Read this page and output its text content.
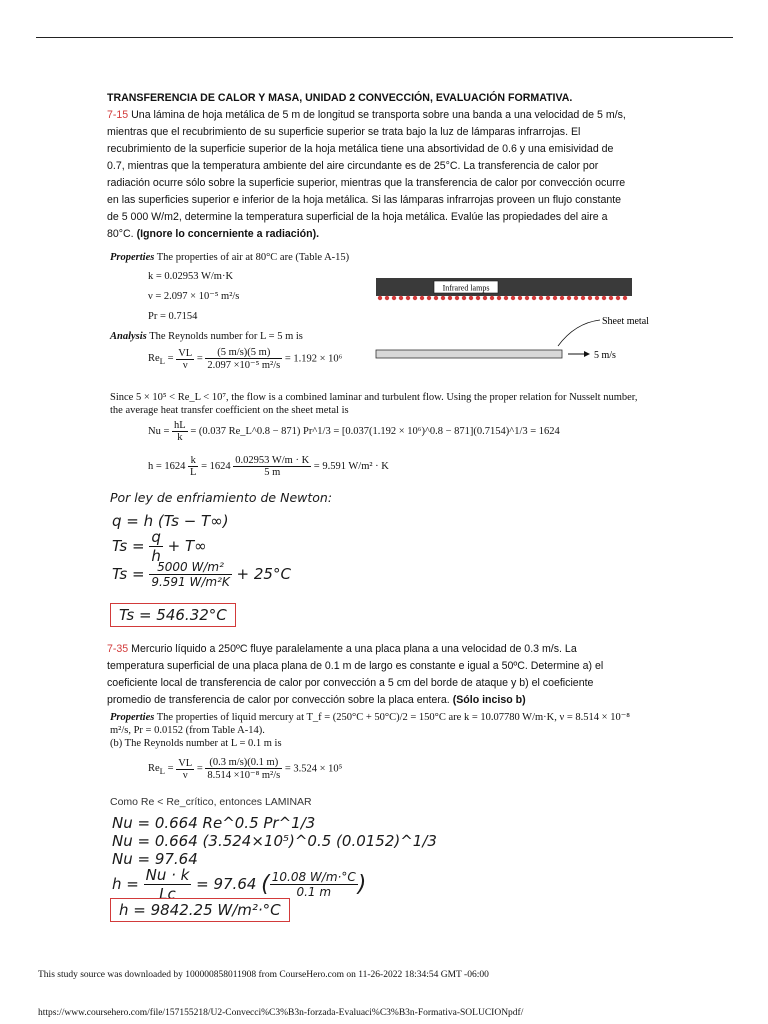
TRANSFERENCIA DE CALOR Y MASA, UNIDAD 2 CONVECCIÓN, EVALUACIÓN FORMATIVA.
7-15 Una lámina de hoja metálica de 5 m de longitud se transporta sobre una banda a una velocidad de 5 m/s,
mientras que el recubrimiento de su superficie superior se trata bajo la luz de lámparas infrarrojas. El
recubrimiento de la superficie superior de la hoja metálica tiene una absortividad de 0.6 y una emisividad de
0.7, mientras que la temperatura ambiente del aire circundante es de 25°C. La transferencia de calor por
radiación ocurre sólo sobre la superficie superior, mientras que la transferencia de calor por convección ocurre
en las superficies superior e inferior de la hoja metálica. Si las lámparas infrarrojas proveen un flujo constante
de 5 000 W/m2, determine la temperatura superficial de la hoja metálica. Evalúe las propiedades del aire a
80°C. (Ignore lo concerniente a radiación).
Properties The properties of air at 80°C are (Table A-15)
k = 0.02953 W/m·K
ν = 2.097 × 10⁻⁵ m²/s
Pr = 0.7154
Analysis The Reynolds number for L = 5 m is
$Re_L = \frac{VL}{\nu} = \frac{(5 m/s)(5 m)}{\text{2.097 ×10⁻⁵ m²/s}} = 1.192 \times 10^6$
Infrared lamps
Sheet metal
5 m/s
Since 5 × 10⁵ < Re_L < 10⁷, the flow is a combined laminar and turbulent flow. Using the proper relation for Nusselt number,
the average heat transfer coefficient on the sheet metal is
$Nu = \frac{hL}{k} = (0.037$ Re_L^0.8 − 871) Pr^1/3 = [0.037(1.192 × 10⁶)^0.8 − 871](0.7154)^1/3 = 1624
$h = 1624 \frac{k}{L} = 1624 \frac{0.02953 W/m \cdot K}{5 m} = 9.591$ W/m² · K
Por ley de enfriamiento de Newton:
q = h (Ts − T∞)
$Ts = \frac{q}{h} + T\infty$
$Ts = \frac{\text{5000 W/m²}}{\text{9.591 W/m²K}} + 25^\circ C$
Ts = 546.32°C
7-35 Mercurio líquido a 250ºC fluye paralelamente a una placa plana a una velocidad de 0.3 m/s. La
temperatura superficial de una placa plana de 0.1 m de largo es constante e igual a 50ºC. Determine a) el
coeficiente local de transferencia de calor por convección a 5 cm del borde de ataque y b) el coeficiente
promedio de transferencia de calor por convección sobre la placa entera. (Sólo inciso b)
Properties The properties of liquid mercury at T_f = (250°C + 50°C)/2 = 150°C are k = 10.07780 W/m·K, ν = 8.514 × 10⁻⁸
m²/s, Pr = 0.0152 (from Table A-14).
(b) The Reynolds number at L = 0.1 m is
$Re_L = \frac{VL}{\nu} = \frac{(0.3 m/s)(0.1 m)}{\text{8.514 ×10⁻⁸ m²/s}} = 3.524 \times 10^5$
Como Re < Re_crítico, entonces LAMINAR
Nu = 0.664 Re^0.5 Pr^1/3
Nu = 0.664 (3.524×10⁵)^0.5 (0.0152)^1/3
Nu = 97.64
$h = \frac{Nu \cdot k}{Lc} = 97.64$ ( $\frac{10.08 W/m\cdot^\circ C}{0.1 m}$ )
h = 9842.25 W/m²·°C
This study source was downloaded by 100000858011908 from CourseHero.com on 11-26-2022 18:34:54 GMT -06:00
https://www.coursehero.com/file/157155218/U2-Convecci%C3%B3n-forzada-Evaluaci%C3%B3n-Formativa-SOLUCIONpdf/
